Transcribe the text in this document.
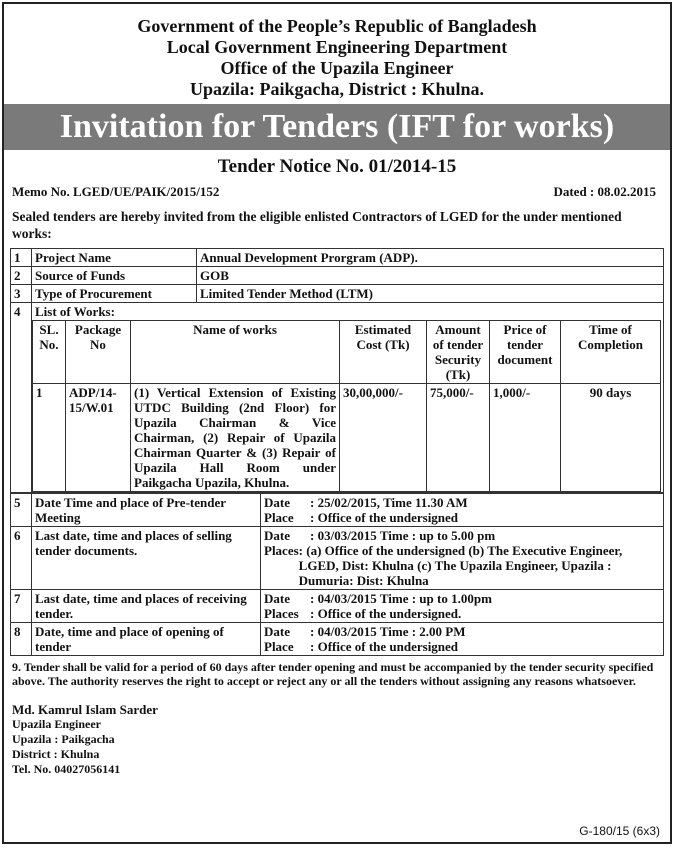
Government of the People’s Republic of Bangladesh
Local Government Engineering Department
Office of the Upazila Engineer
Upazila: Paikgacha, District : Khulna.
Invitation for Tenders (IFT for works)
Tender Notice No. 01/2014-15
Memo No. LGED/UE/PAIK/2015/152	Dated : 08.02.2015
Sealed tenders are hereby invited from the eligible enlisted Contractors of LGED for the under mentioned works:
1	Project Name	Annual Development Prorgram (ADP).
2	Source of Funds	GOB
3	Type of Procurement	Limited Tender Method (LTM)
4	List of Works:
SL. No.	Package No	Name of works	Estimated Cost (Tk)	Amount of tender Security (Tk)	Price of tender document	Time of Completion
1	ADP/14-15/W.01	(1) Vertical Extension of Existing UTDC Building (2nd Floor) for Upazila Chairman & Vice Chairman, (2) Repair of Upazila Chairman Quarter & (3) Repair of Upazila Hall Room under Paikgacha Upazila, Khulna.	30,00,000/-	75,000/-	1,000/-	90 days
5	Date Time and place of Pre-tender Meeting	Date : 25/02/2015, Time 11.30 AM
Place : Office of the undersigned

6	Last date, time and places of selling tender documents.	Date : 03/03/2015 Time : up to 5.00 pm
Places : (a) Office of the undersigned (b) The Executive Engineer, LGED, Dist: Khulna (c) The Upazila Engineer, Upazila : Dumuria: Dist: Khulna

7	Last date, time and places of receiving tender.	Date : 04/03/2015 Time : up to 1.00pm
Places : Office of the undersigned.

8	Date, time and place of opening of tender	Date : 04/03/2015 Time : 2.00 PM
Place : Office of the undersigned
9. Tender shall be valid for a period of 60 days after tender opening and must be accompanied by the tender security specified above. The authority reserves the right to accept or reject any or all the tenders without assigning any reasons whatsoever.
Md. Kamrul Islam Sarder
Upazila Engineer
Upazila : Paikgacha
District : Khulna
Tel. No. 04027056141
G-180/15 (6x3)
